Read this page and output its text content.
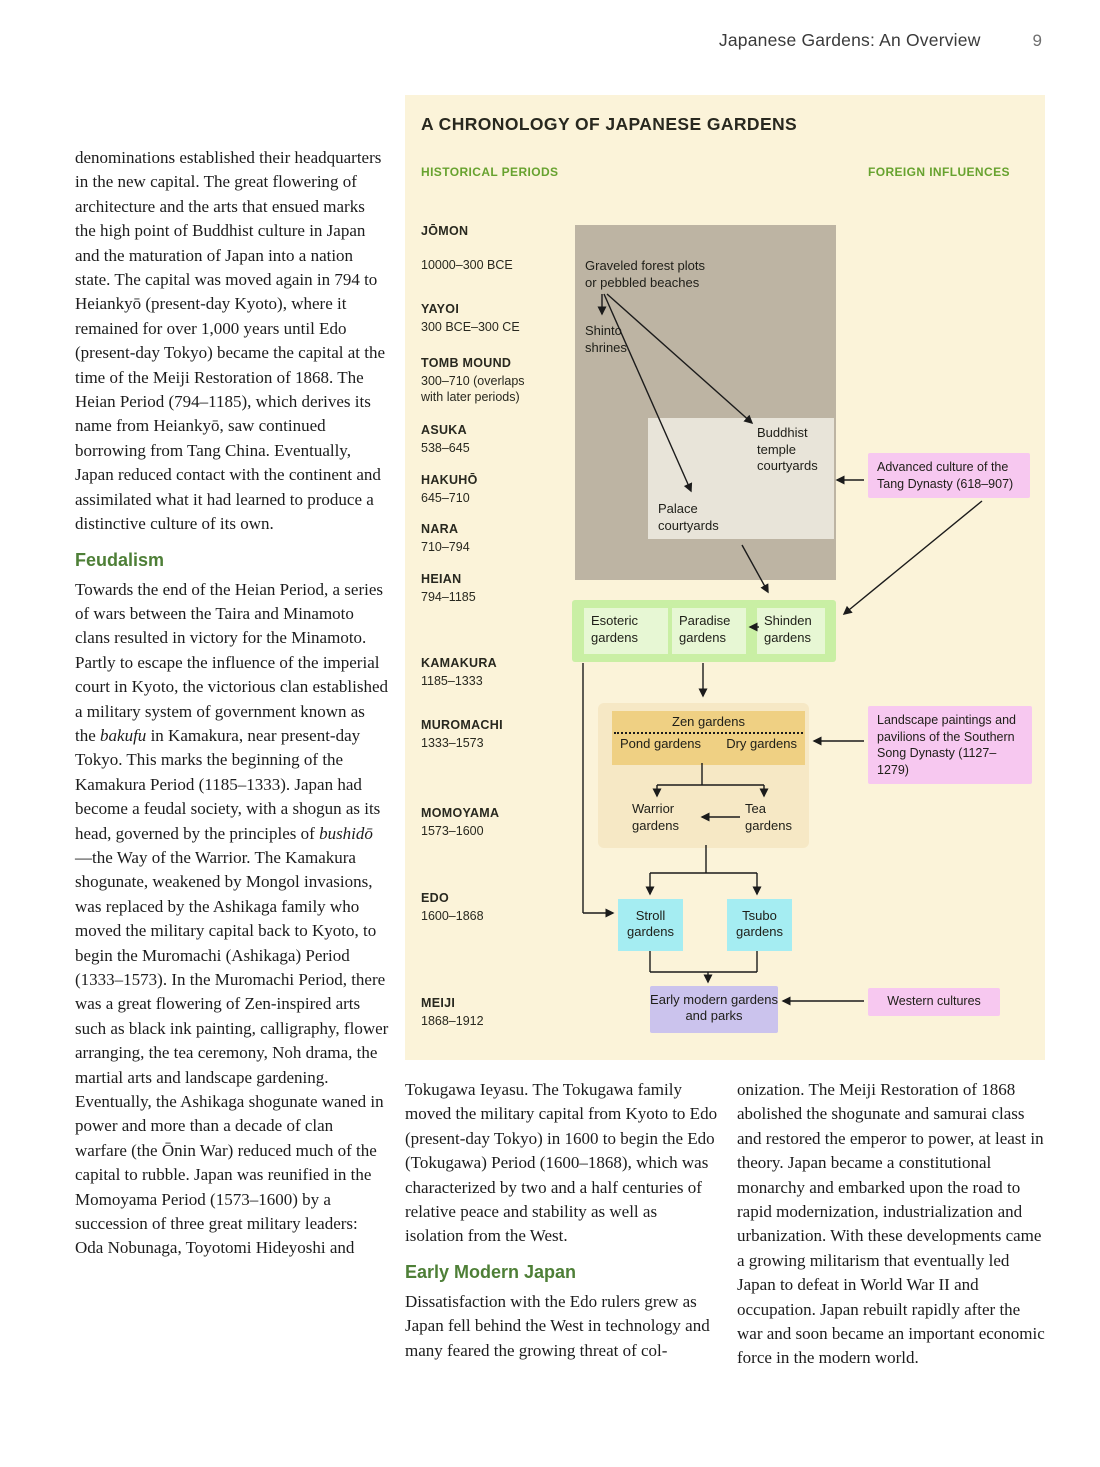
Japanese Gardens: An Overview	9

denominations established their headquarters in the new capital. The great flowering of architecture and the arts that ensued marks the high point of Buddhist culture in Japan and the maturation of Japan into a nation state. The capital was moved again in 794 to Heiankyō (present-day Kyoto), where it remained for over 1,000 years until Edo (present-day Tokyo) became the capital at the time of the Meiji Restoration of 1868. The Heian Period (794–1185), which derives its name from Heiankyō, saw continued borrowing from Tang China. Eventually, Japan reduced contact with the continent and assimilated what it had learned to produce a distinctive culture of its own.

Feudalism

Towards the end of the Heian Period, a series of wars between the Taira and Minamoto clans resulted in victory for the Minamoto. Partly to escape the influence of the imperial court in Kyoto, the victorious clan established a military system of government known as the bakufu in Kamakura, near present-day Tokyo. This marks the beginning of the Kamakura Period (1185–1333). Japan had become a feudal society, with a shogun as its head, governed by the principles of bushidō—the Way of the Warrior. The Kamakura shogunate, weakened by Mongol invasions, was replaced by the Ashikaga family who moved the military capital back to Kyoto, to begin the Muromachi (Ashikaga) Period (1333–1573). In the Muromachi Period, there was a great flowering of Zen-inspired arts such as black ink painting, calligraphy, flower arranging, the tea ceremony, Noh drama, the martial arts and landscape gardening. Eventually, the Ashikaga shogunate waned in power and more than a decade of clan warfare (the Ōnin War) reduced much of the capital to rubble. Japan was reunified in the Momoyama Period (1573–1600) by a succession of three great military leaders: Oda Nobunaga, Toyotomi Hideyoshi and

A CHRONOLOGY OF JAPANESE GARDENS
HISTORICAL PERIODS	FOREIGN INFLUENCES
JŌMON
10000–300 BCE
YAYOI
300 BCE–300 CE
TOMB MOUND
300–710 (overlaps with later periods)
ASUKA
538–645
HAKUHŌ
645–710
NARA
710–794
HEIAN
794–1185
KAMAKURA
1185–1333
MUROMACHI
1333–1573
MOMOYAMA
1573–1600
EDO
1600–1868
MEIJI
1868–1912
Graveled forest plots or pebbled beaches
Shinto shrines
Buddhist temple courtyards
Palace courtyards
Advanced culture of the Tang Dynasty (618–907)
Landscape paintings and pavilions of the Southern Song Dynasty (1127–1279)
Western cultures
Esoteric gardens
Paradise gardens
Shinden gardens
Zen gardens
Pond gardens Dry gardens
Warrior gardens
Tea gardens
Stroll gardens
Tsubo gardens
Early modern gardens and parks

Tokugawa Ieyasu. The Tokugawa family moved the military capital from Kyoto to Edo (present-day Tokyo) in 1600 to begin the Edo (Tokugawa) Period (1600–1868), which was characterized by two and a half centuries of relative peace and stability as well as isolation from the West.

Early Modern Japan

Dissatisfaction with the Edo rulers grew as Japan fell behind the West in technology and many feared the growing threat of col-

onization. The Meiji Restoration of 1868 abolished the shogunate and samurai class and restored the emperor to power, at least in theory. Japan became a constitutional monarchy and embarked upon the road to rapid modernization, industrialization and urbanization. With these developments came a growing militarism that eventually led Japan to defeat in World War II and occupation. Japan rebuilt rapidly after the war and soon became an important economic force in the modern world.
